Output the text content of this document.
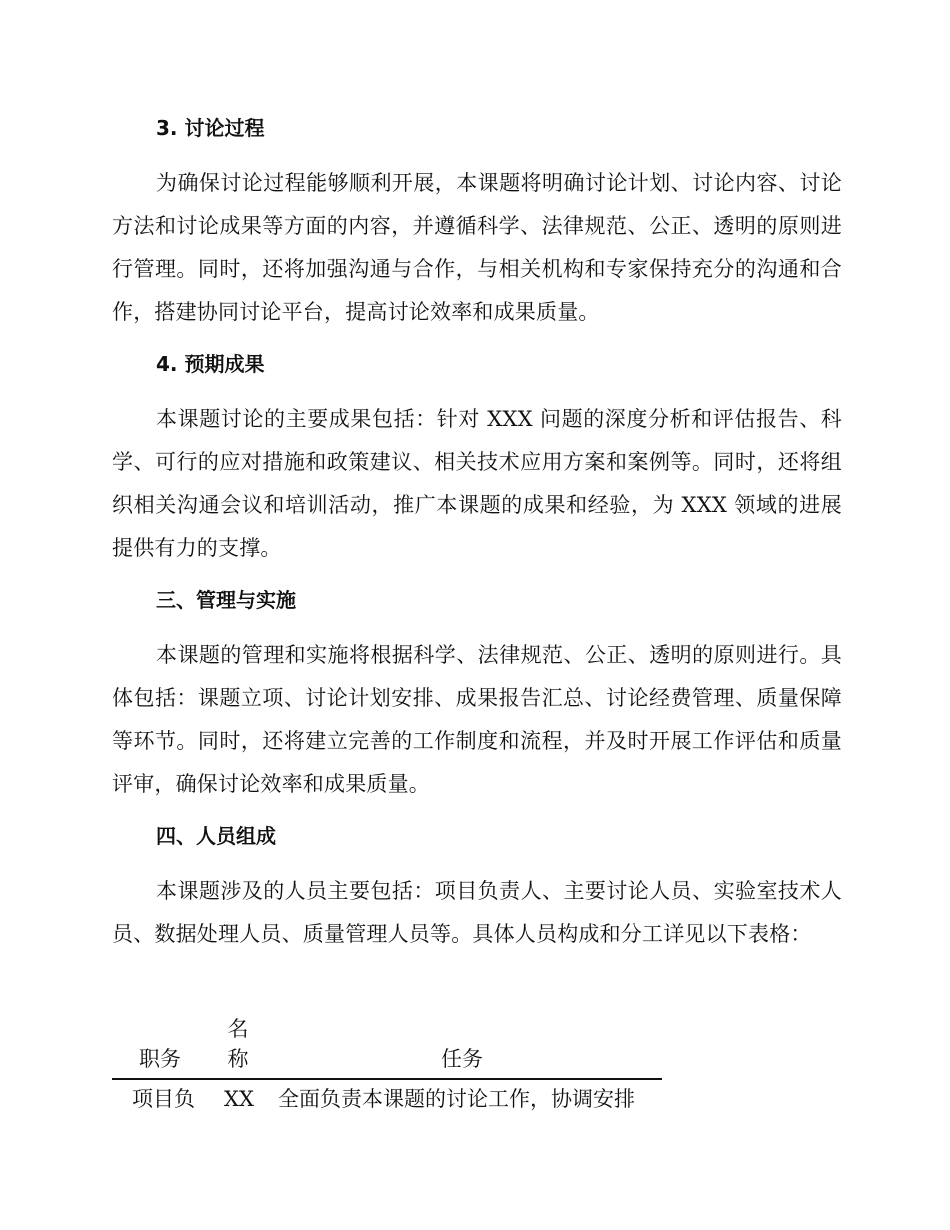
3. 讨论过程
为确保讨论过程能够顺利开展，本课题将明确讨论计划、讨论内容、讨论方法和讨论成果等方面的内容，并遵循科学、法律规范、公正、透明的原则进行管理。同时，还将加强沟通与合作，与相关机构和专家保持充分的沟通和合作，搭建协同讨论平台，提高讨论效率和成果质量。
4. 预期成果
本课题讨论的主要成果包括：针对 XXX 问题的深度分析和评估报告、科学、可行的应对措施和政策建议、相关技术应用方案和案例等。同时，还将组织相关沟通会议和培训活动，推广本课题的成果和经验，为 XXX 领域的进展提供有力的支撑。
三、管理与实施
本课题的管理和实施将根据科学、法律规范、公正、透明的原则进行。具体包括：课题立项、讨论计划安排、成果报告汇总、讨论经费管理、质量保障等环节。同时，还将建立完善的工作制度和流程，并及时开展工作评估和质量评审，确保讨论效率和成果质量。
四、人员组成
本课题涉及的人员主要包括：项目负责人、主要讨论人员、实验室技术人员、数据处理人员、质量管理人员等。具体人员构成和分工详见以下表格：
职务
名称	任务
项目负 XX 全面负责本课题的讨论工作，协调安排
